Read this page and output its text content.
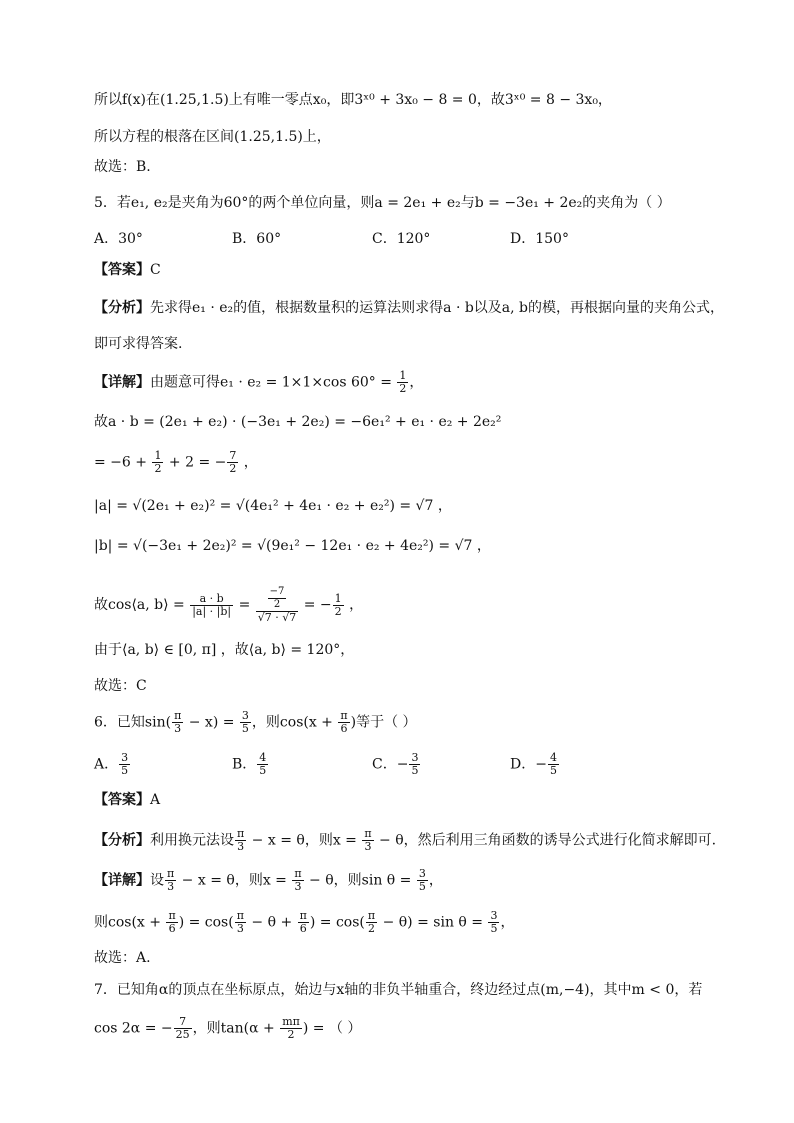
所以f(x)在(1.25,1.5)上有唯一零点x₀，即3ˣ⁰ + 3x₀ − 8 = 0，故3ˣ⁰ = 8 − 3x₀，
所以方程的根落在区间(1.25,1.5)上，
故选：B.
5．若e₁, e₂是夹角为60°的两个单位向量，则a = 2e₁ + e₂与b = −3e₁ + 2e₂的夹角为（ ）
A．30°	B．60°	C．120°	D．150°
【答案】C
【分析】先求得e₁ · e₂的值，根据数量积的运算法则求得a · b以及a, b的模，再根据向量的夹角公式，
即可求得答案.
【详解】由题意可得e₁ · e₂ = 1×1×cos $60^\circ = \frac{1}{2}$ ，
故a · b = (2e₁ + e₂) · (−3e₁ + 2e₂) = −6e₁² + e₁ · e₂ + 2e₂²
= $-6 + \frac{1}{2} + 2$ = − $\frac{7}{2}$ ，
|a| = √(2e₁ + e₂)² = √(4e₁² + 4e₁ · e₂ + e₂²) = √7 ，
|b| = √(−3e₁ + 2e₂)² = √(9e₁² − 12e₁ · e₂ + 4e₂²) = √7 ，
故cos⟨a, b⟩ = $\frac{a \cdot b}{|a| \cdot |b|} = \frac{\frac{-7}{2}}{√7 \cdot √7}$ = − $\frac{1}{2}$ ，
由于⟨a, b⟩ ∈ [0, π] ，故⟨a, b⟩ = 120°，
故选：C
6．已知$\sin( \frac{\pi}{3} - x) = \frac{3}{5}$ ，则$\cos(x + \frac{\pi}{6}$ )等于（ ）
A． $\frac{3}{5}$	B． $\frac{4}{5}$	C．− $\frac{3}{5}$	D．− $\frac{4}{5}$
【答案】A
【分析】利用换元法设 $\frac{\pi}{3} - x = \theta$，则$x = \frac{\pi}{3} - \theta$，然后利用三角函数的诱导公式进行化简求解即可.
【详解】设 $\frac{\pi}{3} - x = \theta$，则$x = \frac{\pi}{3} - \theta$，则$\sin \theta = \frac{3}{5}$ ，
则$\cos(x + \frac{\pi}{6}$ ) = $\cos( \frac{\pi}{3} - \theta + \frac{\pi}{6}$ ) = $\cos( \frac{\pi}{2} - \theta) = \sin \theta = \frac{3}{5}$ ，
故选：A.
7．已知角α的顶点在坐标原点，始边与x轴的非负半轴重合，终边经过点(m,−4)，其中m < 0，若
cos 2α = − $\frac{7}{25}$ ，则$\tan(\alpha + \frac{m\pi}{2}$ ) = （ ）
